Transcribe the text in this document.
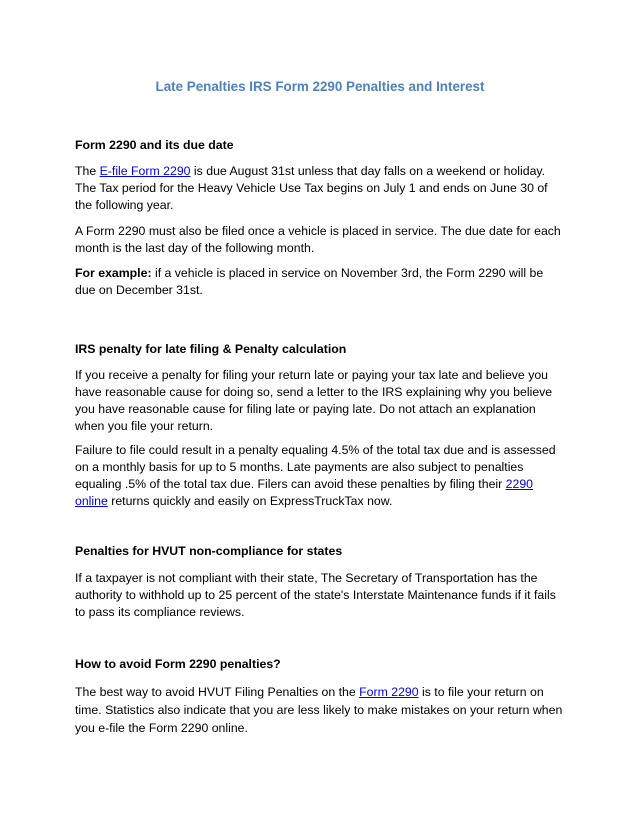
Late Penalties IRS Form 2290 Penalties and Interest

Form 2290 and its due date

The E-file Form 2290 is due August 31st unless that day falls on a weekend or holiday. The Tax period for the Heavy Vehicle Use Tax begins on July 1 and ends on June 30 of the following year.

A Form 2290 must also be filed once a vehicle is placed in service. The due date for each month is the last day of the following month.

For example: if a vehicle is placed in service on November 3rd, the Form 2290 will be due on December 31st.

IRS penalty for late filing & Penalty calculation

If you receive a penalty for filing your return late or paying your tax late and believe you have reasonable cause for doing so, send a letter to the IRS explaining why you believe you have reasonable cause for filing late or paying late. Do not attach an explanation when you file your return.

Failure to file could result in a penalty equaling 4.5% of the total tax due and is assessed on a monthly basis for up to 5 months. Late payments are also subject to penalties equaling .5% of the total tax due. Filers can avoid these penalties by filing their 2290 online returns quickly and easily on ExpressTruckTax now.

Penalties for HVUT non-compliance for states

If a taxpayer is not compliant with their state, The Secretary of Transportation has the authority to withhold up to 25 percent of the state's Interstate Maintenance funds if it fails to pass its compliance reviews.

How to avoid Form 2290 penalties?

The best way to avoid HVUT Filing Penalties on the Form 2290 is to file your return on time. Statistics also indicate that you are less likely to make mistakes on your return when you e-file the Form 2290 online.
